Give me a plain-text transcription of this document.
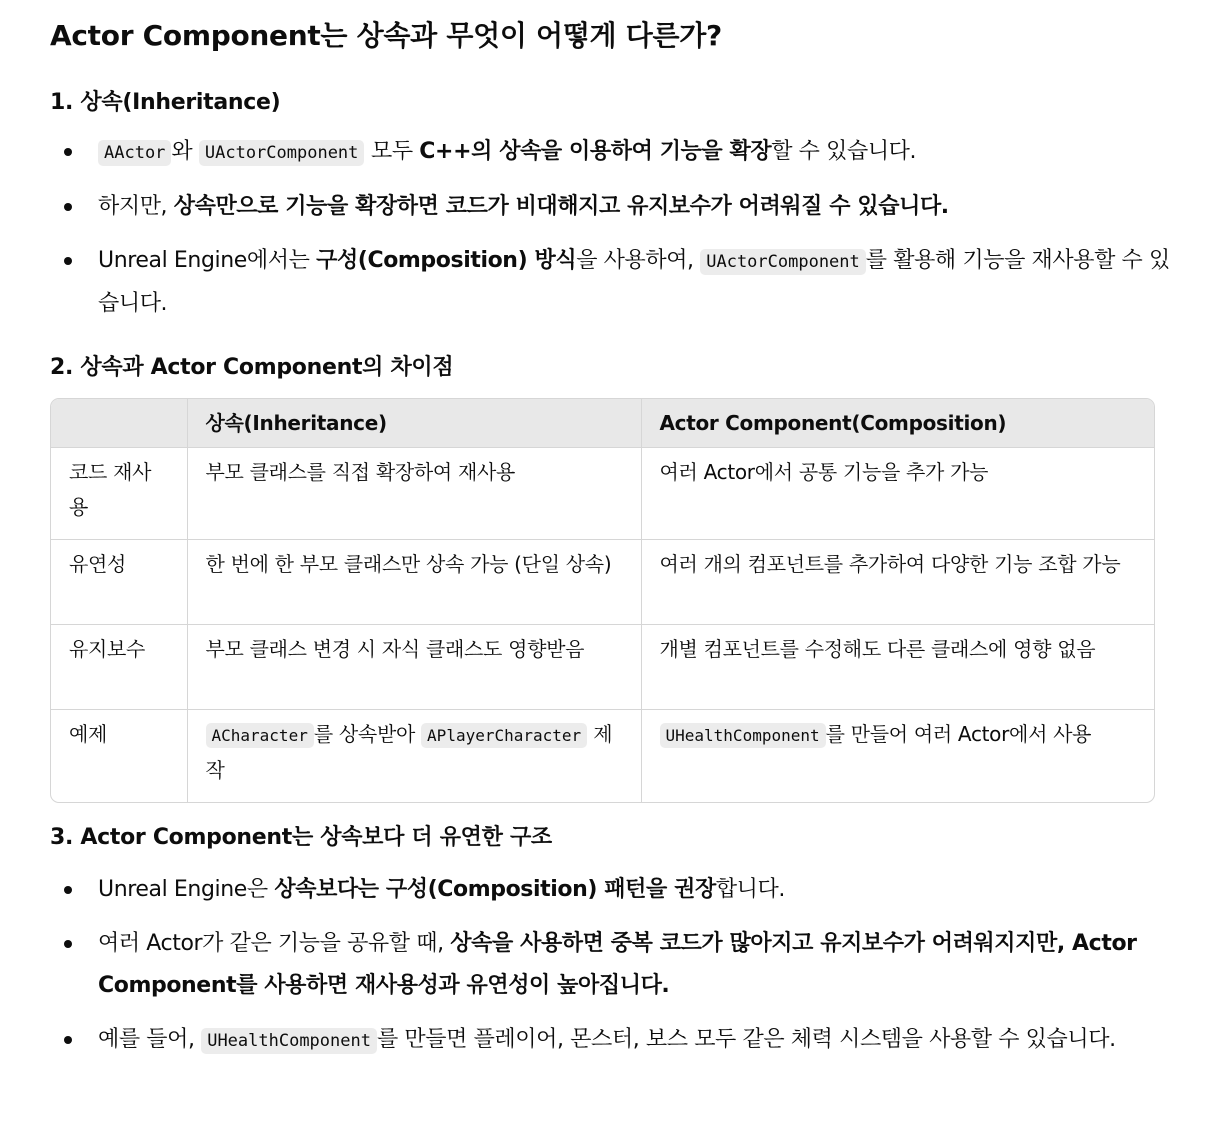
Actor Component는 상속과 무엇이 어떻게 다른가?
1. 상속(Inheritance)
AActor 와 UActorComponent 모두 C++의 상속을 이용하여 기능을 확장할 수 있습니다.
하지만, 상속만으로 기능을 확장하면 코드가 비대해지고 유지보수가 어려워질 수 있습니다.
Unreal Engine에서는 구성(Composition) 방식을 사용하여, UActorComponent 를 활용해 기능을 재사용할 수 있습니다.
2. 상속과 Actor Component의 차이점
	상속(Inheritance)	Actor Component(Composition)
코드 재사용	부모 클래스를 직접 확장하여 재사용	여러 Actor에서 공통 기능을 추가 가능
유연성	한 번에 한 부모 클래스만 상속 가능 (단일 상속)	여러 개의 컴포넌트를 추가하여 다양한 기능 조합 가능
유지보수	부모 클래스 변경 시 자식 클래스도 영향받음	개별 컴포넌트를 수정해도 다른 클래스에 영향 없음
예제	ACharacter 를 상속받아 APlayerCharacter 제작	UHealthComponent 를 만들어 여러 Actor에서 사용
3. Actor Component는 상속보다 더 유연한 구조
Unreal Engine은 상속보다는 구성(Composition) 패턴을 권장합니다.
여러 Actor가 같은 기능을 공유할 때, 상속을 사용하면 중복 코드가 많아지고 유지보수가 어려워지지만, Actor Component를 사용하면 재사용성과 유연성이 높아집니다.
예를 들어, UHealthComponent 를 만들면 플레이어, 몬스터, 보스 모두 같은 체력 시스템을 사용할 수 있습니다.
